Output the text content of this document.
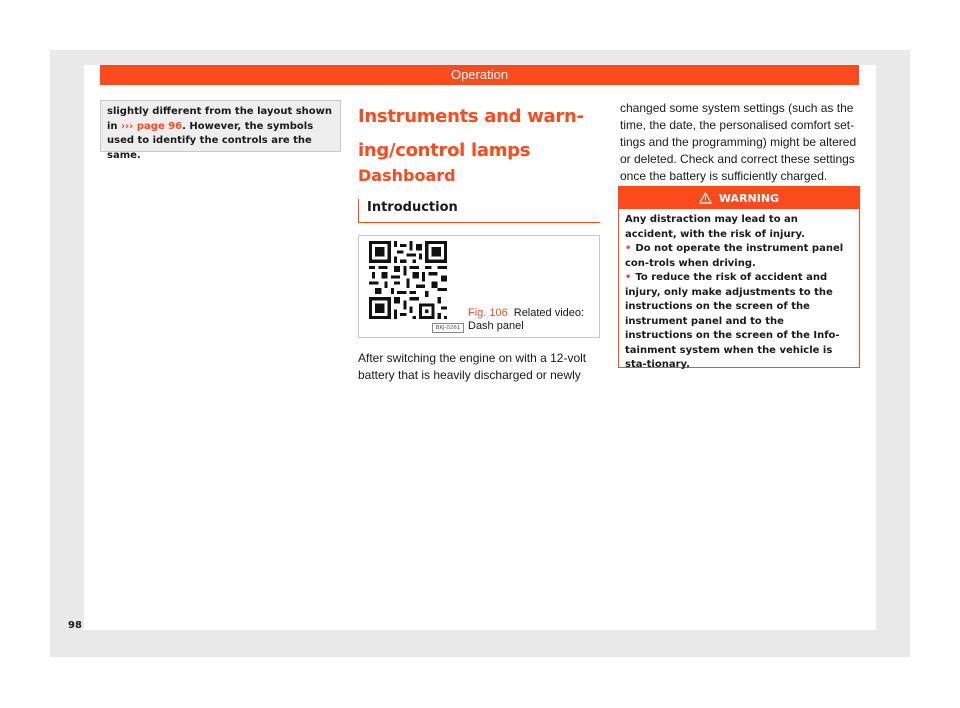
Operation
slightly different from the layout shown in ››› page 96. However, the symbols used to identify the controls are the same.
Instruments and warn-
ing/control lamps
Dashboard
Introduction
BKJ-0261
Fig. 106 Related video: Dash panel

After switching the engine on with a 12-volt battery that is heavily discharged or newly

changed some system settings (such as the time, the date, the personalised comfort set-tings and the programming) might be altered or deleted. Check and correct these settings once the battery is sufficiently charged.

WARNING
Any distraction may lead to an accident, with the risk of injury.
• Do not operate the instrument panel con-trols when driving.
• To reduce the risk of accident and injury, only make adjustments to the instructions on the screen of the instrument panel and to the instructions on the screen of the Info-tainment system when the vehicle is sta-tionary.
98
